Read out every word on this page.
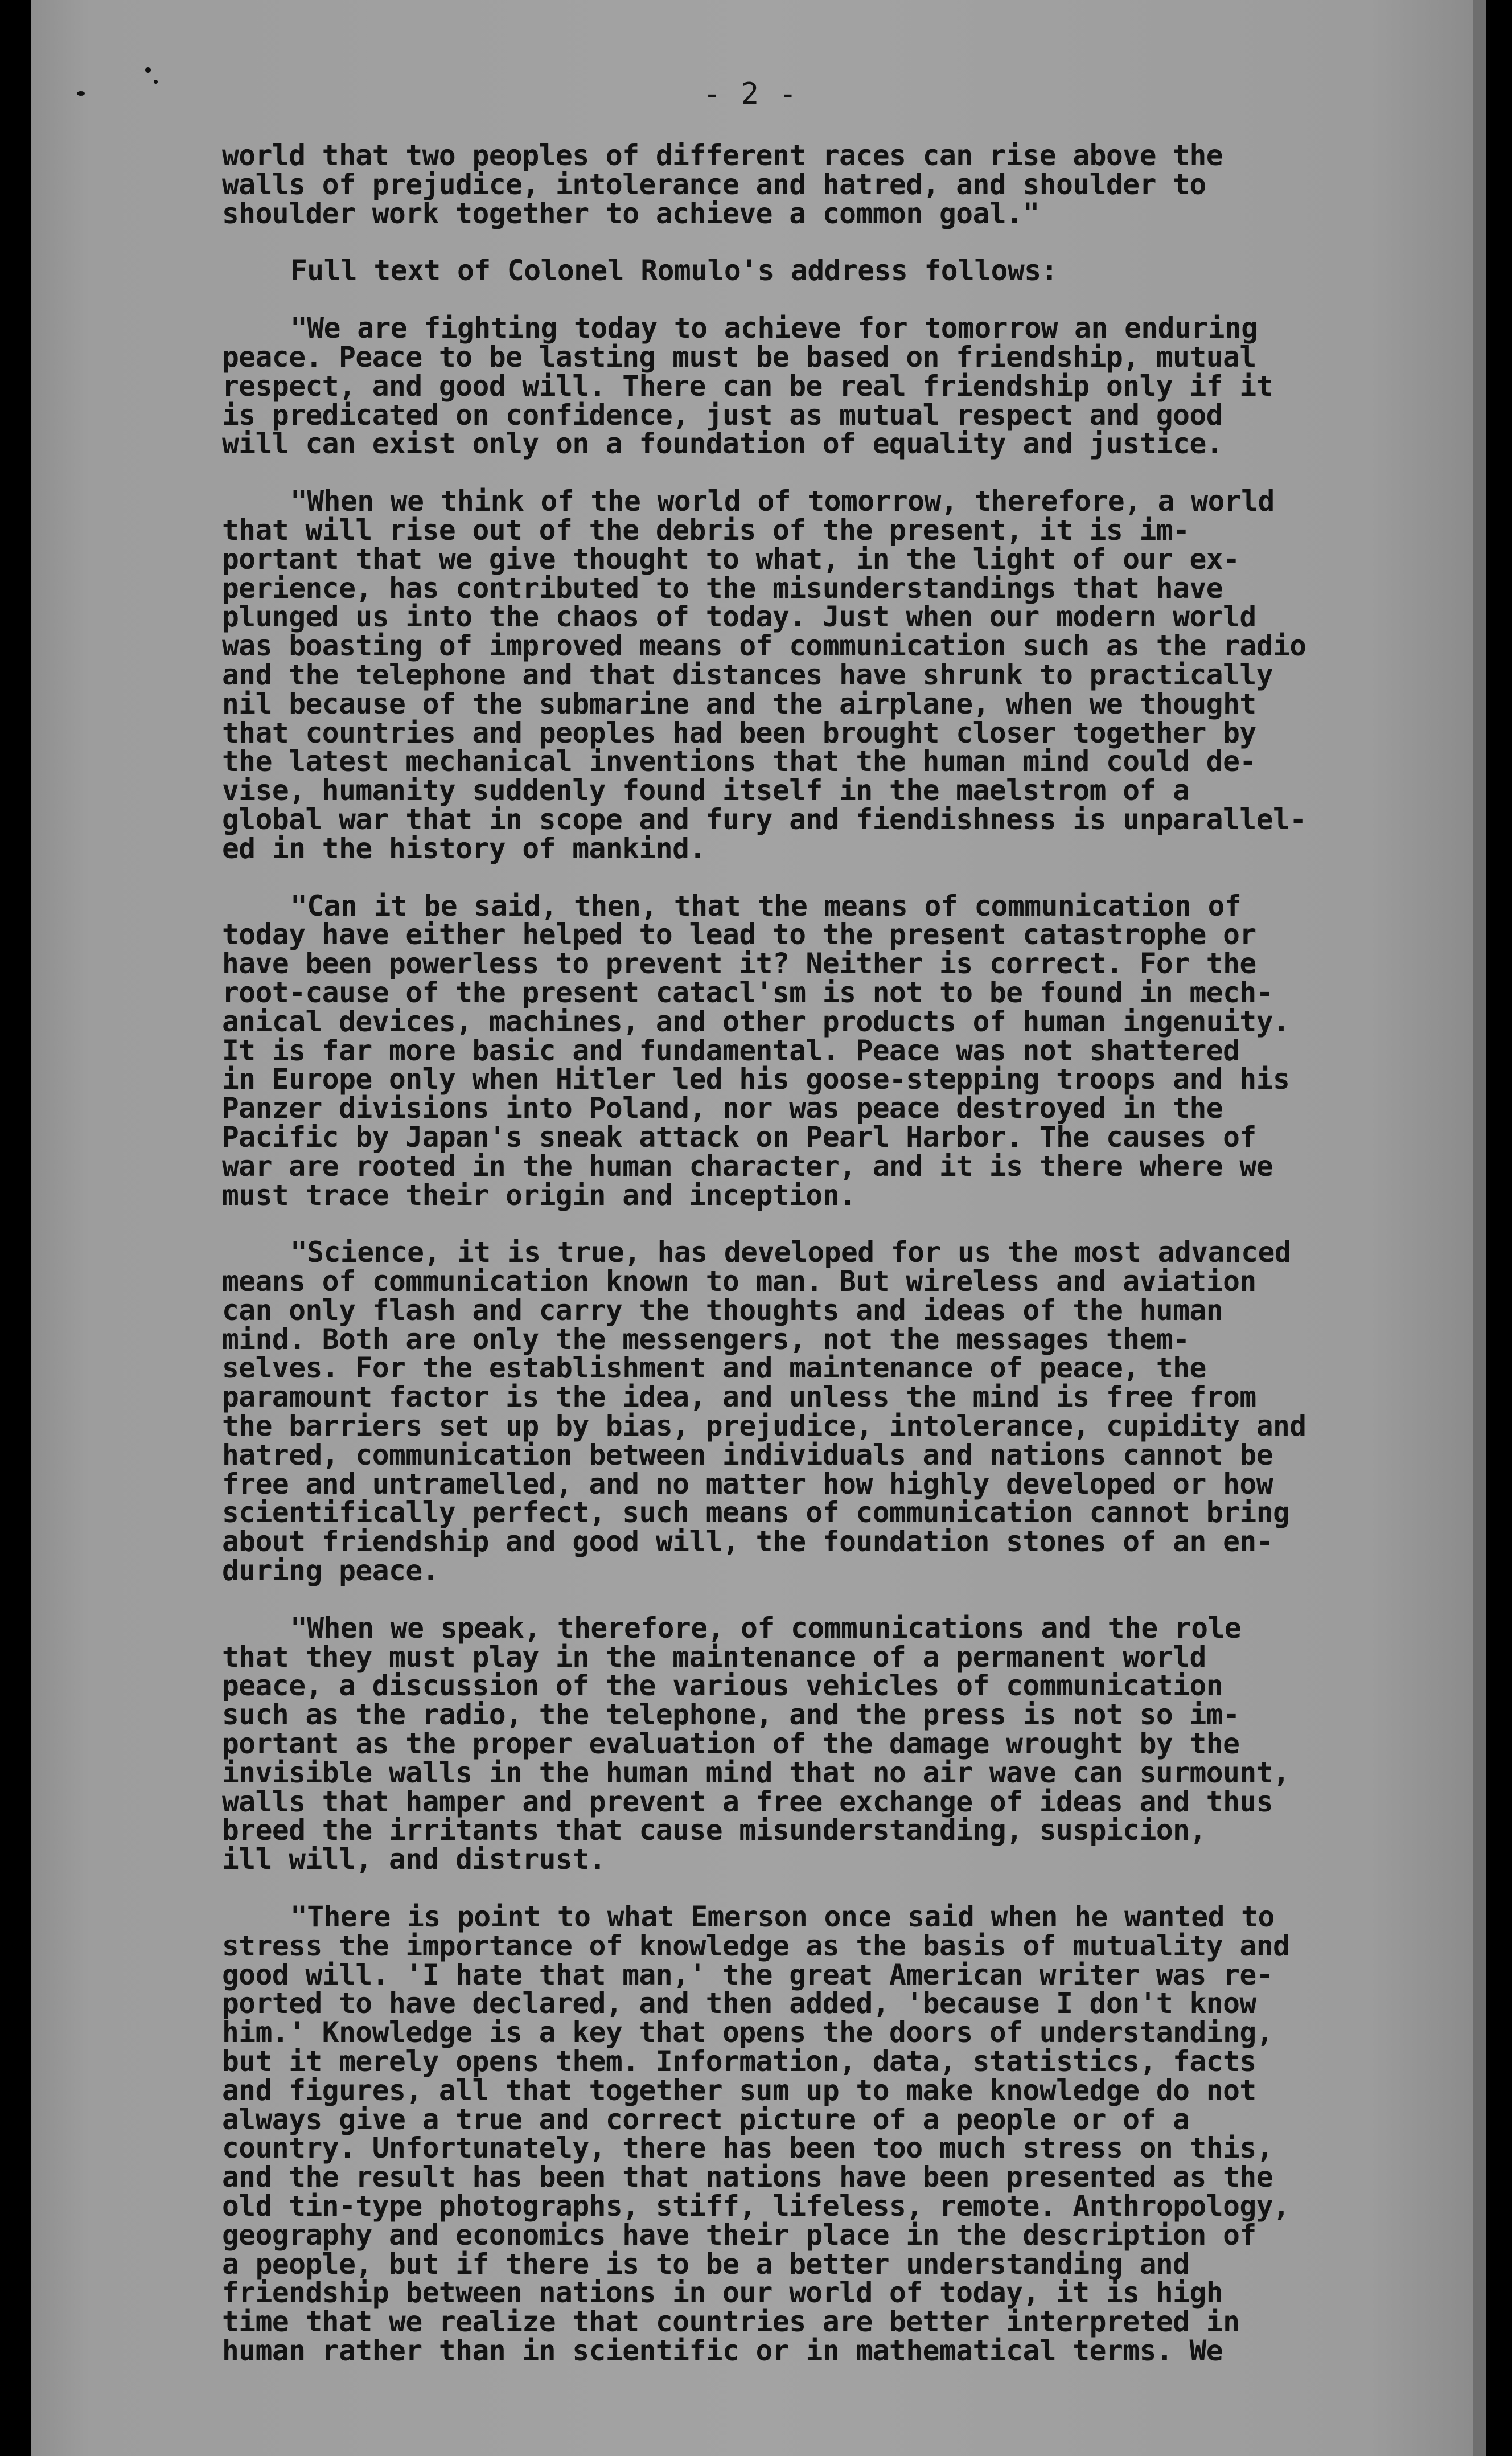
- 2 -
world that two peoples of different races can rise above the
walls of prejudice, intolerance and hatred, and shoulder to
shoulder work together to achieve a common goal."
Full text of Colonel Romulo's address follows:
"We are fighting today to achieve for tomorrow an enduring
peace. Peace to be lasting must be based on friendship, mutual
respect, and good will. There can be real friendship only if it
is predicated on confidence, just as mutual respect and good
will can exist only on a foundation of equality and justice.
"When we think of the world of tomorrow, therefore, a world
that will rise out of the debris of the present, it is im-
portant that we give thought to what, in the light of our ex-
perience, has contributed to the misunderstandings that have
plunged us into the chaos of today. Just when our modern world
was boasting of improved means of communication such as the radio
and the telephone and that distances have shrunk to practically
nil because of the submarine and the airplane, when we thought
that countries and peoples had been brought closer together by
the latest mechanical inventions that the human mind could de-
vise, humanity suddenly found itself in the maelstrom of a
global war that in scope and fury and fiendishness is unparallel-
ed in the history of mankind.
"Can it be said, then, that the means of communication of
today have either helped to lead to the present catastrophe or
have been powerless to prevent it? Neither is correct. For the
root-cause of the present catacl'sm is not to be found in mech-
anical devices, machines, and other products of human ingenuity.
It is far more basic and fundamental. Peace was not shattered
in Europe only when Hitler led his goose-stepping troops and his
Panzer divisions into Poland, nor was peace destroyed in the
Pacific by Japan's sneak attack on Pearl Harbor. The causes of
war are rooted in the human character, and it is there where we
must trace their origin and inception.
"Science, it is true, has developed for us the most advanced
means of communication known to man. But wireless and aviation
can only flash and carry the thoughts and ideas of the human
mind. Both are only the messengers, not the messages them-
selves. For the establishment and maintenance of peace, the
paramount factor is the idea, and unless the mind is free from
the barriers set up by bias, prejudice, intolerance, cupidity and
hatred, communication between individuals and nations cannot be
free and untramelled, and no matter how highly developed or how
scientifically perfect, such means of communication cannot bring
about friendship and good will, the foundation stones of an en-
during peace.
"When we speak, therefore, of communications and the role
that they must play in the maintenance of a permanent world
peace, a discussion of the various vehicles of communication
such as the radio, the telephone, and the press is not so im-
portant as the proper evaluation of the damage wrought by the
invisible walls in the human mind that no air wave can surmount,
walls that hamper and prevent a free exchange of ideas and thus
breed the irritants that cause misunderstanding, suspicion,
ill will, and distrust.
"There is point to what Emerson once said when he wanted to
stress the importance of knowledge as the basis of mutuality and
good will. 'I hate that man,' the great American writer was re-
ported to have declared, and then added, 'because I don't know
him.' Knowledge is a key that opens the doors of understanding,
but it merely opens them. Information, data, statistics, facts
and figures, all that together sum up to make knowledge do not
always give a true and correct picture of a people or of a
country. Unfortunately, there has been too much stress on this,
and the result has been that nations have been presented as the
old tin-type photographs, stiff, lifeless, remote. Anthropology,
geography and economics have their place in the description of
a people, but if there is to be a better understanding and
friendship between nations in our world of today, it is high
time that we realize that countries are better interpreted in
human rather than in scientific or in mathematical terms. We
